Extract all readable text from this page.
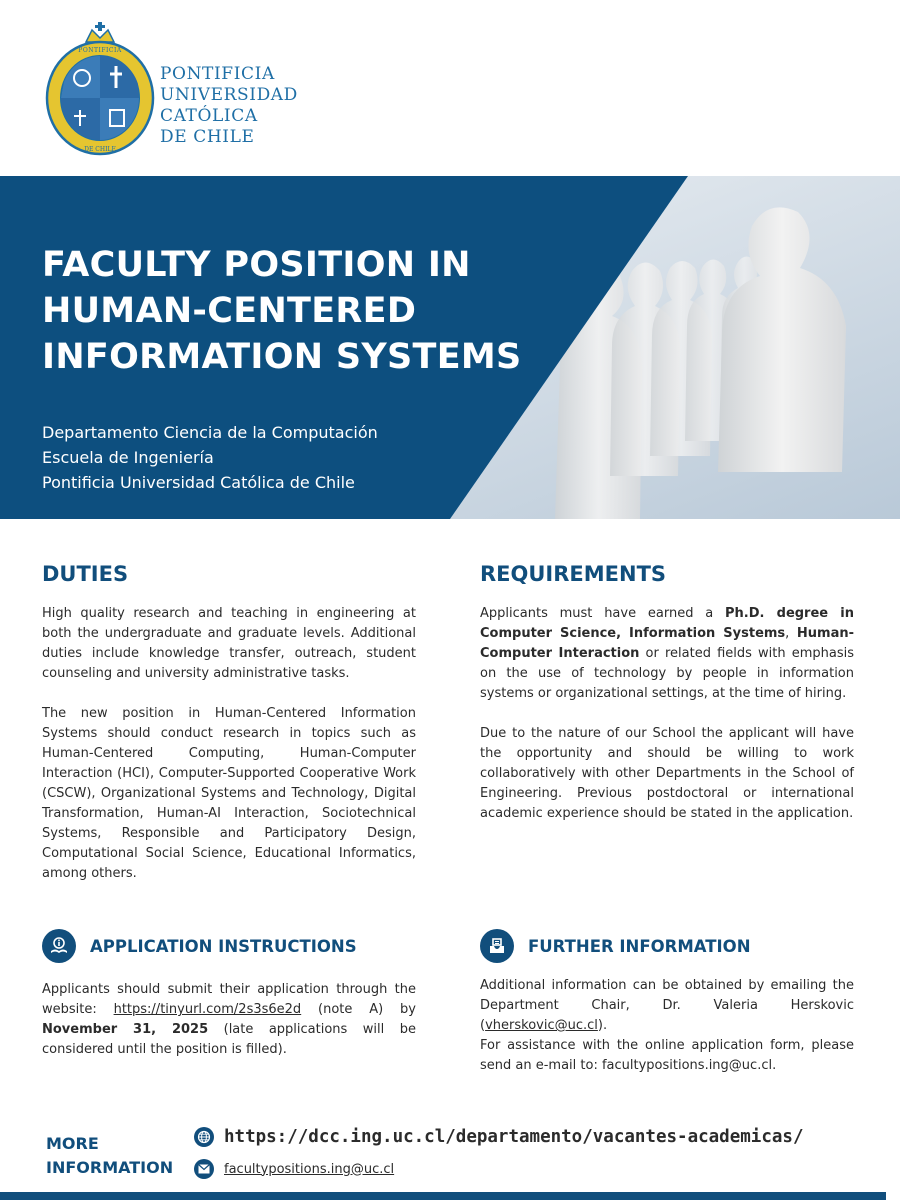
· PONTIFICIA ·
DE CHILE
PONTIFICIA
UNIVERSIDAD
CATÓLICA
DE CHILE
FACULTY POSITION IN
HUMAN-CENTERED
INFORMATION SYSTEMS
Departamento Ciencia de la Computación
Escuela de Ingeniería
Pontificia Universidad Católica de Chile
DUTIES

High quality research and teaching in engineering at both the undergraduate and graduate levels. Additional duties include knowledge transfer, outreach, student counseling and university administrative tasks.

The new position in Human-Centered Information Systems should conduct research in topics such as Human-Centered Computing, Human-Computer Interaction (HCI), Computer-Supported Cooperative Work (CSCW), Organizational Systems and Technology, Digital Transformation, Human-AI Interaction, Sociotechnical Systems, Responsible and Participatory Design, Computational Social Science, Educational Informatics, among others.

REQUIREMENTS

Applicants must have earned a Ph.D. degree in Computer Science, Information Systems, Human-Computer Interaction or related fields with emphasis on the use of technology by people in information systems or organizational settings, at the time of hiring.

Due to the nature of our School the applicant will have the opportunity and should be willing to work collaboratively with other Departments in the School of Engineering. Previous postdoctoral or international academic experience should be stated in the application.

APPLICATION INSTRUCTIONS

Applicants should submit their application through the website: https://tinyurl.com/2s3s6e2d (note A) by November 31, 2025 (late applications will be considered until the position is filled).

FURTHER INFORMATION
Additional information can be obtained by emailing the Department Chair, Dr. Valeria Herskovic (vherskovic@uc.cl).
For assistance with the online application form, please send an e-mail to: facultypositions.ing@uc.cl.
MORE
INFORMATION
https://dcc.ing.uc.cl/departamento/vacantes-academicas/
facultypositions.ing@uc.cl
